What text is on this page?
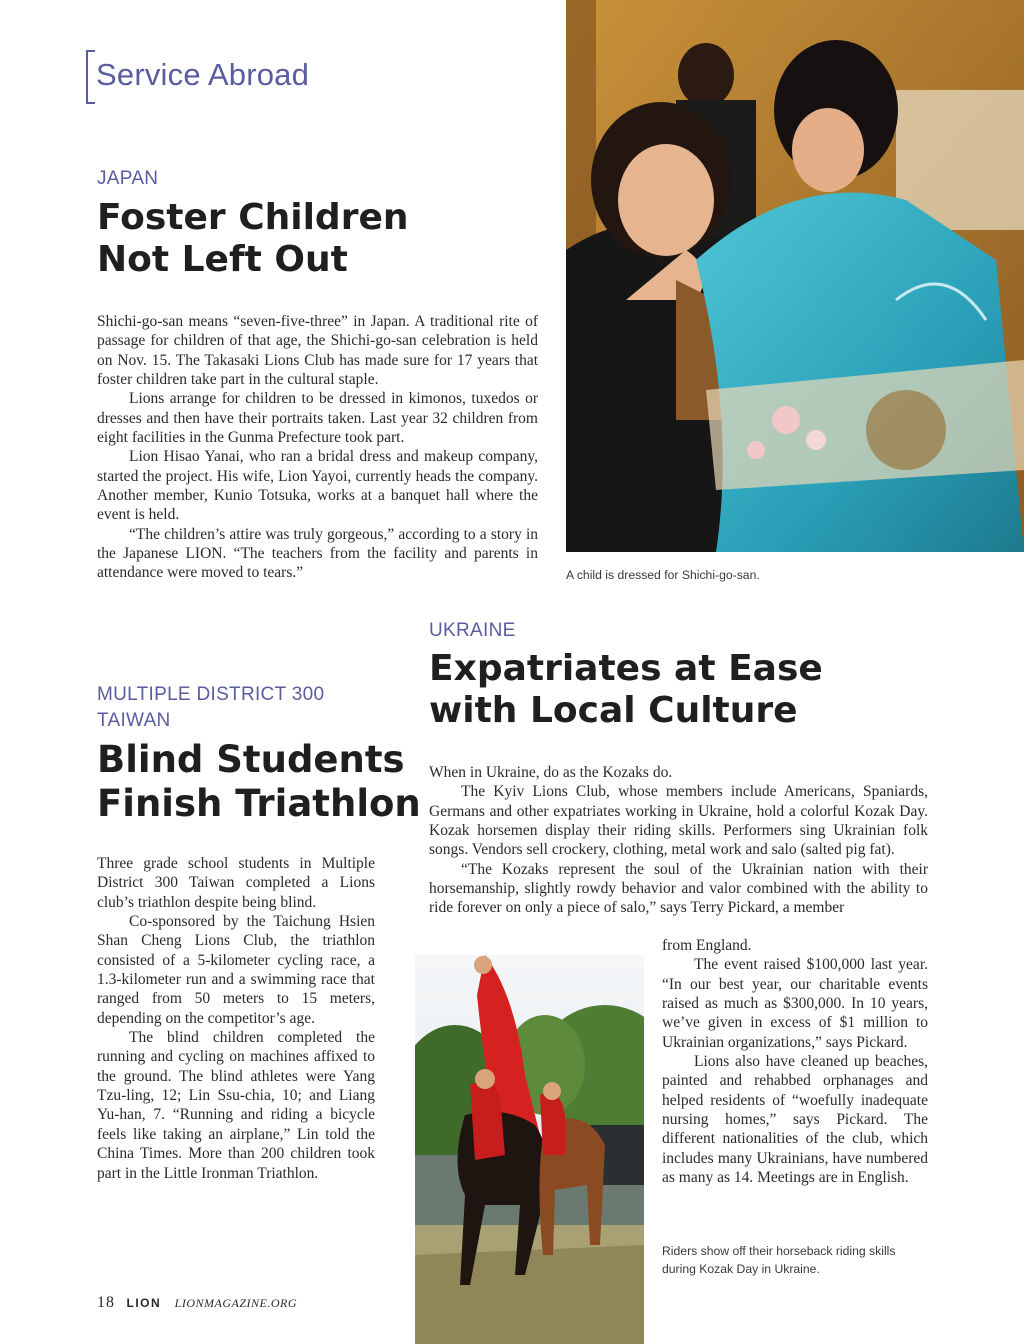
Service Abroad
JAPAN
Foster Children
Not Left Out

Shichi-go-san means “seven-five-three” in Japan. A traditional rite of passage for children of that age, the Shichi-go-san celebration is held on Nov. 15. The Takasaki Lions Club has made sure for 17 years that foster children take part in the cultural staple.

Lions arrange for children to be dressed in kimonos, tuxedos or dresses and then have their portraits taken. Last year 32 children from eight facilities in the Gunma Prefecture took part.

Lion Hisao Yanai, who ran a bridal dress and makeup company, started the project. His wife, Lion Yayoi, currently heads the company. Another member, Kunio Totsuka, works at a banquet hall where the event is held.

“The children’s attire was truly gorgeous,” according to a story in the Japanese LION. “The teachers from the facility and parents in attendance were moved to tears.”	A child is dressed for Shichi-go-san.
MULTIPLE DISTRICT 300
TAIWAN
Blind Students
Finish Triathlon

Three grade school students in Multiple District 300 Taiwan completed a Lions club’s triathlon despite being blind.

Co-sponsored by the Taichung Hsien Shan Cheng Lions Club, the triathlon consisted of a 5-kilometer cycling race, a 1.3-kilometer run and a swimming race that ranged from 50 meters to 15 meters, depending on the competitor’s age.

The blind children completed the running and cycling on machines affixed to the ground. The blind athletes were Yang Tzu-ling, 12; Lin Ssu-chia, 10; and Liang Yu-han, 7. “Running and riding a bicycle feels like taking an airplane,” Lin told the China Times. More than 200 children took part in the Little Ironman Triathlon.

UKRAINE
Expatriates at Ease
with Local Culture

When in Ukraine, do as the Kozaks do.

The Kyiv Lions Club, whose members include Americans, Spaniards, Germans and other expatriates working in Ukraine, hold a colorful Kozak Day. Kozak horsemen display their riding skills. Performers sing Ukrainian folk songs. Vendors sell crockery, clothing, metal work and salo (salted pig fat).

“The Kozaks represent the soul of the Ukrainian nation with their horsemanship, slightly rowdy behavior and valor combined with the ability to ride forever on only a piece of salo,” says Terry Pickard, a member

from England.

The event raised $100,000 last year. “In our best year, our charitable events raised as much as $300,000. In 10 years, we’ve given in excess of $1 million to Ukrainian organizations,” says Pickard.

Lions also have cleaned up beaches, painted and rehabbed orphanages and helped residents of “woefully inadequate nursing homes,” says Pickard. The different nationalities of the club, which includes many Ukrainians, have numbered as many as 14. Meetings are in English.

Riders show off their horseback riding skills
during Kozak Day in Ukraine.
18 LION LIONMAGAZINE.ORG
